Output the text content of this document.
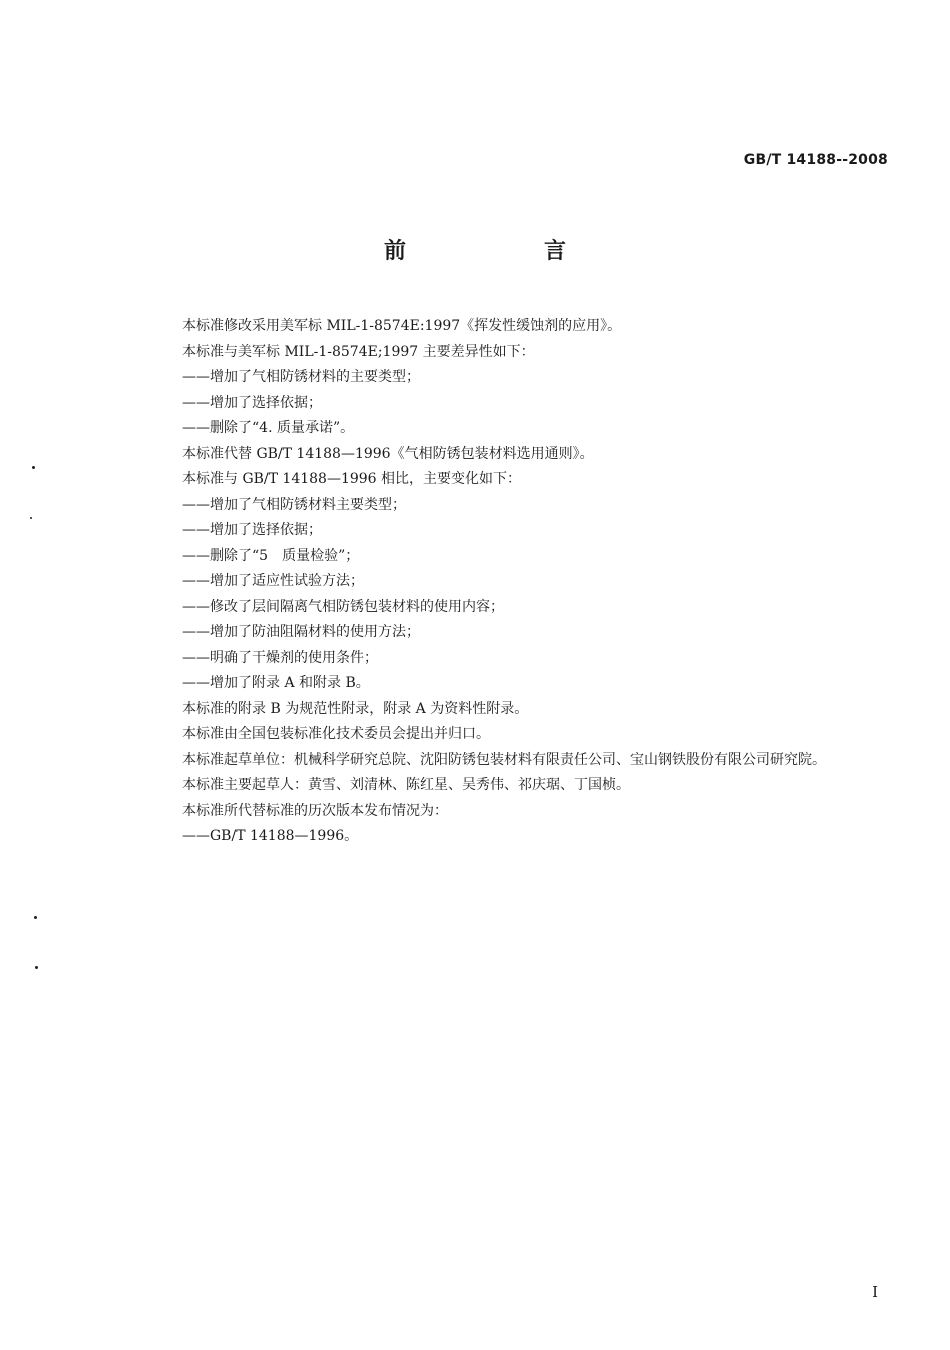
GB/T 14188--2008
前　言

本标准修改采用美军标 MIL-1-8574E:1997《挥发性缓蚀剂的应用》。

本标准与美军标 MIL-1-8574E;1997 主要差异性如下：

——增加了气相防锈材料的主要类型；

——增加了选择依据；

——删除了“4. 质量承诺”。

本标准代替 GB/T 14188—1996《气相防锈包装材料选用通则》。

本标准与 GB/T 14188—1996 相比，主要变化如下：

——增加了气相防锈材料主要类型；

——增加了选择依据；

——删除了“5　质量检验”；

——增加了适应性试验方法；

——修改了层间隔离气相防锈包装材料的使用内容；

——增加了防油阻隔材料的使用方法；

——明确了干燥剂的使用条件；

——增加了附录 A 和附录 B。

本标准的附录 B 为规范性附录，附录 A 为资料性附录。

本标准由全国包装标准化技术委员会提出并归口。

本标准起草单位：机械科学研究总院、沈阳防锈包装材料有限责任公司、宝山钢铁股份有限公司研究院。

本标准主要起草人：黄雪、刘清林、陈红星、吴秀伟、祁庆琚、丁国桢。

本标准所代替标准的历次版本发布情况为：

——GB/T 14188—1996。

I
